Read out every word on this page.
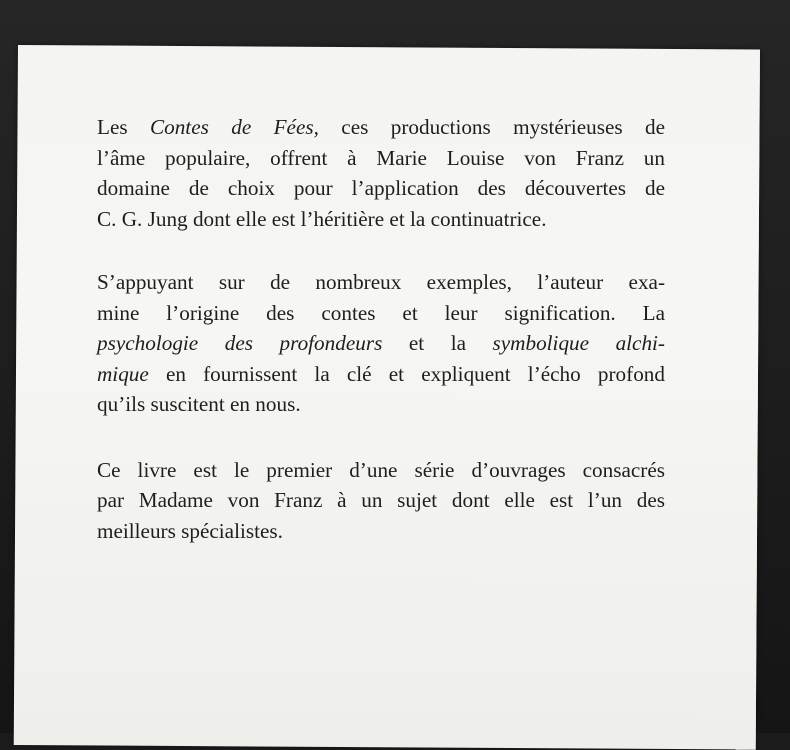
Les Contes de Fées, ces productions mystérieuses de
l’âme populaire, offrent à Marie Louise von Franz un
domaine de choix pour l’application des découvertes de
C. G. Jung dont elle est l’héritière et la continuatrice.
S’appuyant sur de nombreux exemples, l’auteur exa-
mine l’origine des contes et leur signification. La
psychologie des profondeurs et la symbolique alchi-
mique en fournissent la clé et expliquent l’écho profond
qu’ils suscitent en nous.
Ce livre est le premier d’une série d’ouvrages consacrés
par Madame von Franz à un sujet dont elle est l’un des
meilleurs spécialistes.
